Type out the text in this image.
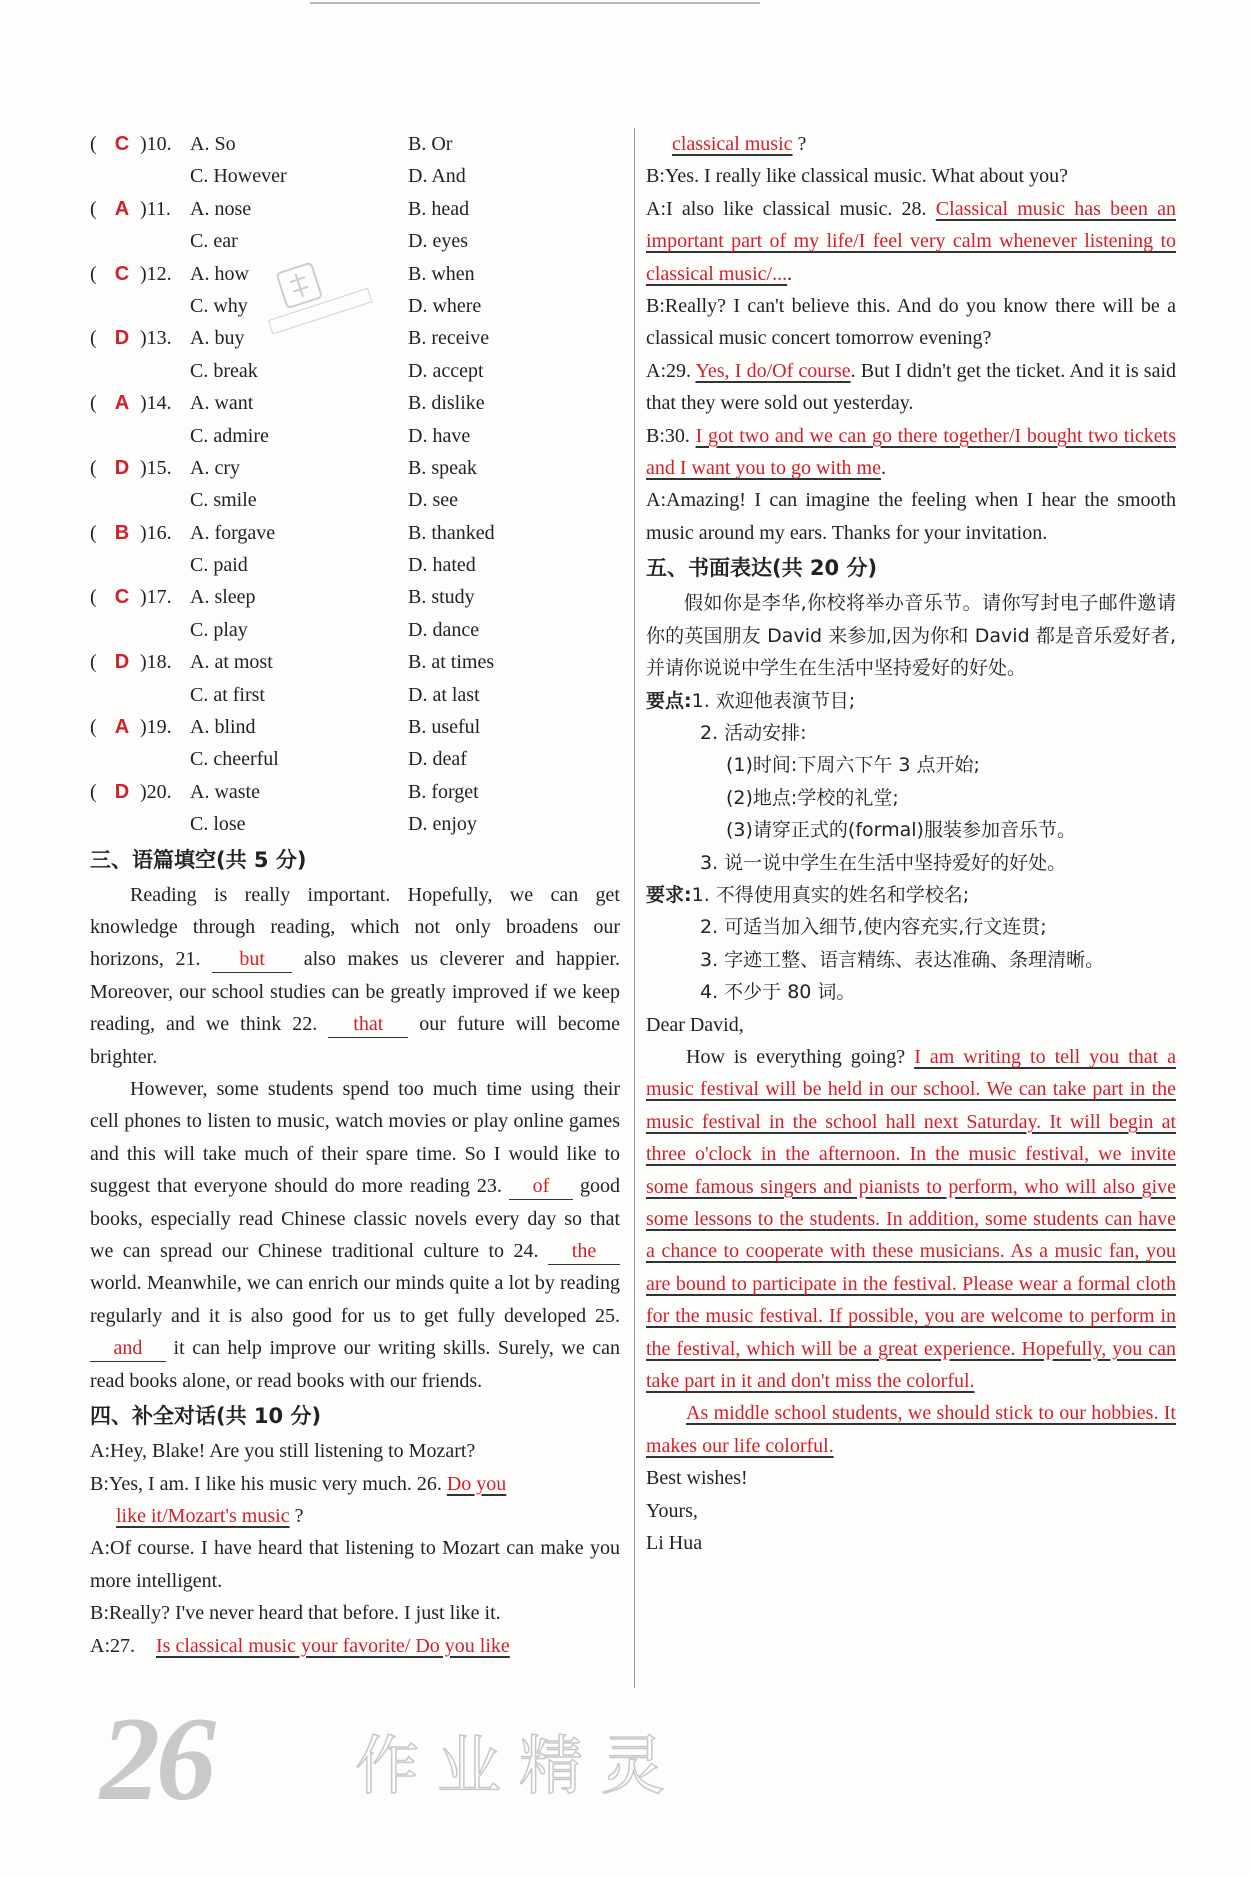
( C )10. A. So	B. Or
C. However	D. And
( A )11. A. nose	B. head
C. ear	D. eyes
( C )12. A. how	B. when
C. why	D. where
( D )13. A. buy	B. receive
C. break	D. accept
( A )14. A. want	B. dislike
C. admire	D. have
( D )15. A. cry	B. speak
C. smile	D. see
( B )16. A. forgave	B. thanked
C. paid	D. hated
( C )17. A. sleep	B. study
C. play	D. dance
( D )18. A. at most	B. at times
C. at first	D. at last
( A )19. A. blind	B. useful
C. cheerful	D. deaf
( D )20. A. waste	B. forget
C. lose	D. enjoy
三、语篇填空(共 5 分)

Reading is really important. Hopefully, we can get knowledge through reading, which not only broadens our horizons, 21. but also makes us cleverer and happier. Moreover, our school studies can be greatly improved if we keep reading, and we think 22. that our future will become brighter.

However, some students spend too much time using their cell phones to listen to music, watch movies or play online games and this will take much of their spare time. So I would like to suggest that everyone should do more reading 23. of good books, especially read Chinese classic novels every day so that we can spread our Chinese traditional culture to 24. the world. Meanwhile, we can enrich our minds quite a lot by reading regularly and it is also good for us to get fully developed 25. and it can help improve our writing skills. Surely, we can read books alone, or read books with our friends.

四、补全对话(共 10 分)
A:Hey, Blake! Are you still listening to Mozart?

B:Yes, I am. I like his music very much. 26. Do you
like it/Mozart's music ?

A:Of course. I have heard that listening to Mozart can make you more intelligent.

B:Really? I've never heard that before. I just like it.
A:27. Is classical music your favorite/ Do you like
classical music ?
B:Yes. I really like classical music. What about you?

A:I also like classical music. 28. Classical music has been an important part of my life/I feel very calm whenever listening to classical music/....

B:Really? I can't believe this. And do you know there will be a classical music concert tomorrow evening?

A:29. Yes, I do/Of course. But I didn't get the ticket. And it is said that they were sold out yesterday.

B:30. I got two and we can go there together/I bought two tickets and I want you to go with me.

A:Amazing! I can imagine the feeling when I hear the smooth music around my ears. Thanks for your invitation.

五、书面表达(共 20 分)

假如你是李华,你校将举办音乐节。请你写封电子邮件邀请你的英国朋友 David 来参加,因为你和 David 都是音乐爱好者,并请你说说中学生在生活中坚持爱好的好处。

要点:1. 欢迎他表演节目;
2. 活动安排:
(1)时间:下周六下午 3 点开始;
(2)地点:学校的礼堂;
(3)请穿正式的(formal)服装参加音乐节。
3. 说一说中学生在生活中坚持爱好的好处。
要求:1. 不得使用真实的姓名和学校名;
2. 可适当加入细节,使内容充实,行文连贯;
3. 字迹工整、语言精练、表达准确、条理清晰。
4. 不少于 80 词。
Dear David,

How is everything going? I am writing to tell you that a music festival will be held in our school. We can take part in the music festival in the school hall next Saturday. It will begin at three o'clock in the afternoon. In the music festival, we invite some famous singers and pianists to perform, who will also give some lessons to the students. In addition, some students can have a chance to cooperate with these musicians. As a music fan, you are bound to participate in the festival. Please wear a formal cloth for the music festival. If possible, you are welcome to perform in the festival, which will be a great experience. Hopefully, you can take part in it and don't miss the colorful.

As middle school students, we should stick to our hobbies. It makes our life colorful.

Best wishes!
Yours,
Li Hua
26 作业精灵
